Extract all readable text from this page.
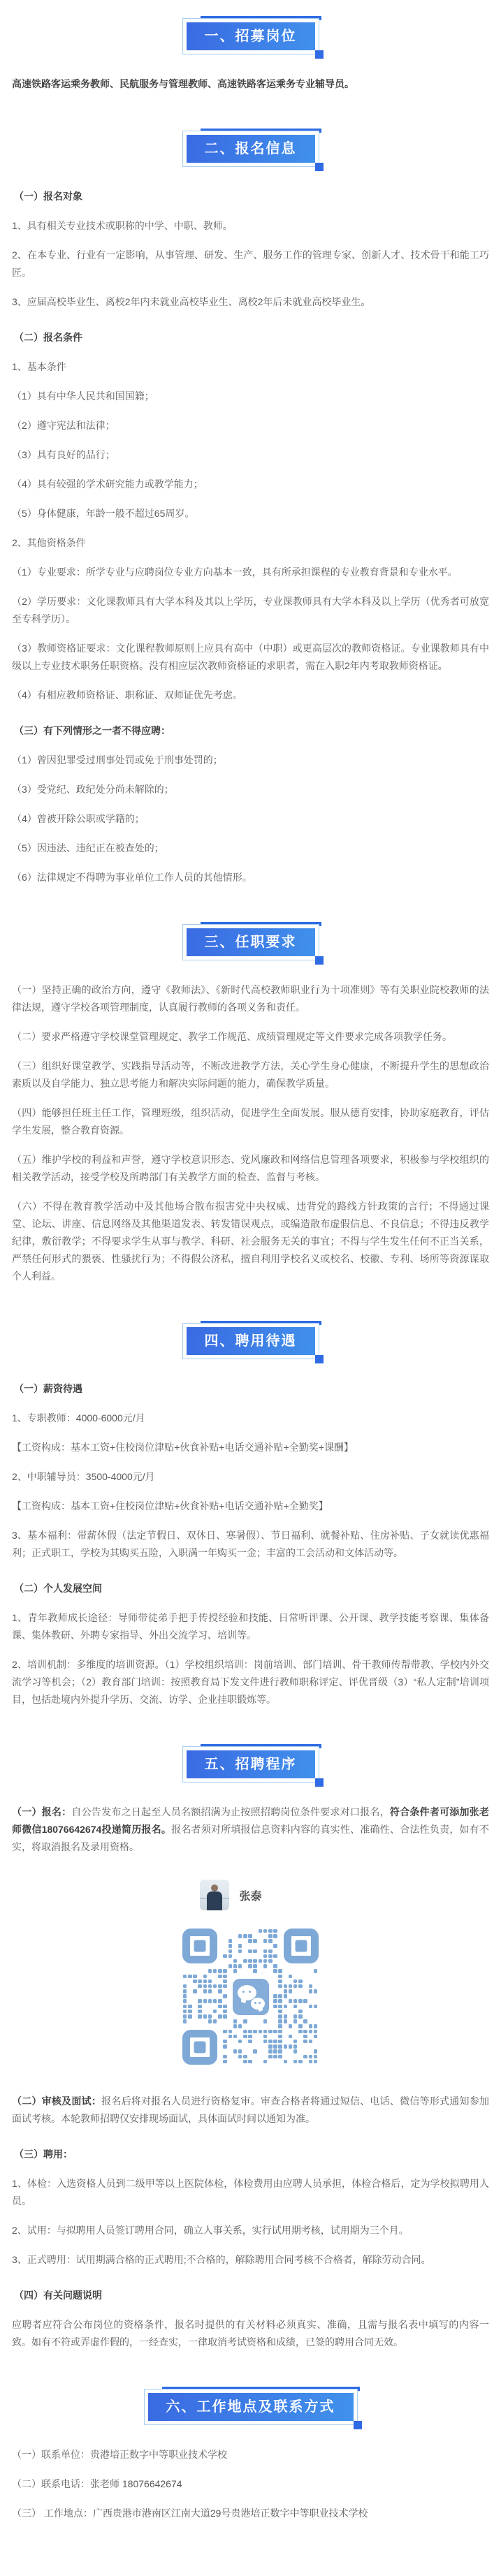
一、招募岗位

高速铁路客运乘务教师、民航服务与管理教师、高速铁路客运乘务专业辅导员。

二、报名信息
（一）报名对象

1、具有相关专业技术或职称的中学、中职、教师。

2、在本专业、行业有一定影响，从事管理、研发、生产、服务工作的管理专家、创新人才、技术骨干和能工巧匠。

3、应届高校毕业生、离校2年内未就业高校毕业生、离校2年后未就业高校毕业生。

（二）报名条件

1、基本条件

（1）具有中华人民共和国国籍；

（2）遵守宪法和法律；

（3）具有良好的品行；

（4）具有较强的学术研究能力或教学能力；

（5）身体健康，年龄一般不超过65周岁。

2、其他资格条件

（1）专业要求：所学专业与应聘岗位专业方向基本一致，具有所承担课程的专业教育背景和专业水平。

（2）学历要求：文化课教师具有大学本科及其以上学历，专业课教师具有大学本科及以上学历（优秀者可放宽至专科学历）。

（3）教师资格证要求：文化课程教师原则上应具有高中（中职）或更高层次的教师资格证。专业课教师具有中级以上专业技术职务任职资格。没有相应层次教师资格证的求职者，需在入职2年内考取教师资格证。

（4）有相应教师资格证、职称证、双师证优先考虑。

（三）有下列情形之一者不得应聘：

（1）曾因犯罪受过刑事处罚或免于刑事处罚的；

（3）受党纪、政纪处分尚未解除的；

（4）曾被开除公职或学籍的；

（5）因违法、违纪正在被查处的；

（6）法律规定不得聘为事业单位工作人员的其他情形。

三、任职要求

（一）坚持正确的政治方向，遵守《教师法》、《新时代高校教师职业行为十项准则》等有关职业院校教师的法律法规，遵守学校各项管理制度，认真履行教师的各项义务和责任。

（二）要求严格遵守学校课堂管理规定、教学工作规范、成绩管理规定等文件要求完成各项教学任务。

（三）组织好课堂教学、实践指导活动等，不断改进教学方法，关心学生身心健康，不断提升学生的思想政治素质以及自学能力、独立思考能力和解决实际问题的能力，确保教学质量。

（四）能够担任班主任工作，管理班级，组织活动，促进学生全面发展。服从德育安排，协助家庭教育，评估学生发展，整合教育资源。

（五）维护学校的利益和声誉，遵守学校意识形态、党风廉政和网络信息管理各项要求，积极参与学校组织的相关教学活动，接受学校及所聘部门有关教学方面的检查、监督与考核。

（六）不得在教育教学活动中及其他场合散布损害党中央权威、违背党的路线方针政策的言行；不得通过课堂、论坛、讲座、信息网络及其他渠道发表、转发错误观点，或编造散布虚假信息、不良信息；不得违反教学纪律，敷衍教学；不得要求学生从事与教学、科研、社会服务无关的事宜；不得与学生发生任何不正当关系，严禁任何形式的猥亵、性骚扰行为；不得假公济私，擅自利用学校名义或校名、校徽、专利、场所等资源谋取个人利益。

四、聘用待遇
（一）薪资待遇

1、专职教师：4000-6000元/月

【工资构成：基本工资+住校岗位津贴+伙食补贴+电话交通补贴+全勤奖+课酬】

2、中职辅导员：3500-4000元/月

【工资构成：基本工资+住校岗位津贴+伙食补贴+电话交通补贴+全勤奖】

3、基本福利：带薪休假（法定节假日、双休日、寒暑假）、节日福利、就餐补贴、住房补贴、子女就读优惠福利；正式职工，学校为其购买五险，入职满一年购买一金；丰富的工会活动和文体活动等。

（二）个人发展空间

1、青年教师成长途径：导师带徒弟手把手传授经验和技能、日常听评课、公开课、教学技能考察课、集体备课、集体教研、外聘专家指导、外出交流学习、培训等。

2、培训机制：多维度的培训资源。（1）学校组织培训：岗前培训、部门培训、骨干教师传帮带教、学校内外交流学习等机会；（2）教育部门培训：按照教育局下发文件进行教师职称评定、评优晋级（3）“私人定制”培训项目，包括赴境内外提升学历、交流、访学、企业挂职锻炼等。

五、招聘程序

（一）报名：自公告发布之日起至人员名额招满为止按照招聘岗位条件要求对口报名，符合条件者可添加张老师微信18076642674投递简历报名。报名者须对所填报信息资料内容的真实性、准确性、合法性负责，如有不实，将取消报名及录用资格。

张泰

（二）审核及面试：报名后将对报名人员进行资格复审。审查合格者将通过短信、电话、微信等形式通知参加面试考核。本轮教师招聘仅安排现场面试，具体面试时间以通知为准。

（三）聘用：

1、体检：入选资格人员到二级甲等以上医院体检，体检费用由应聘人员承担，体检合格后，定为学校拟聘用人员。

2、试用：与拟聘用人员签订聘用合同，确立人事关系，实行试用期考核，试用期为三个月。

3、正式聘用：试用期满合格的正式聘用;不合格的，解除聘用合同考核不合格者，解除劳动合同。

（四）有关问题说明

应聘者应符合公布岗位的资格条件，报名时提供的有关材料必须真实、准确，且需与报名表中填写的内容一致。如有不符或弄虚作假的，一经查实，一律取消考试资格和成绩，已签的聘用合同无效。

六、工作地点及联系方式

（一）联系单位：贵港培正数字中等职业技术学校

（二）联系电话：张老师 18076642674

（三） 工作地点：广西贵港市港南区江南大道29号贵港培正数字中等职业技术学校
